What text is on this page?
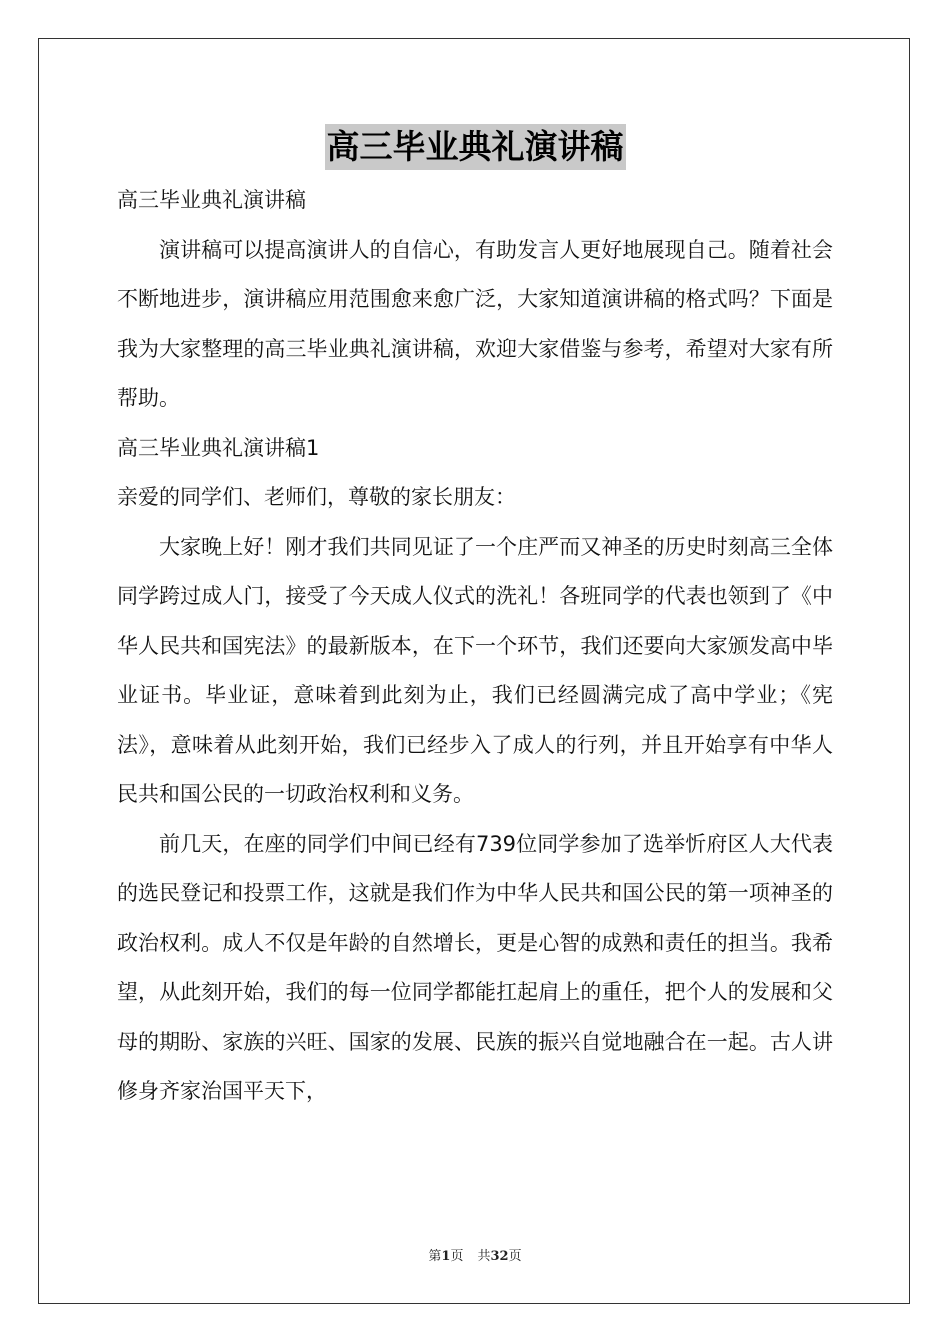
高三毕业典礼演讲稿

高三毕业典礼演讲稿

演讲稿可以提高演讲人的自信心，有助发言人更好地展现自己。随着社会不断地进步，演讲稿应用范围愈来愈广泛，大家知道演讲稿的格式吗？下面是我为大家整理的高三毕业典礼演讲稿，欢迎大家借鉴与参考，希望对大家有所帮助。

高三毕业典礼演讲稿1

亲爱的同学们、老师们，尊敬的家长朋友：

大家晚上好！刚才我们共同见证了一个庄严而又神圣的历史时刻高三全体同学跨过成人门，接受了今天成人仪式的洗礼！各班同学的代表也领到了《中华人民共和国宪法》的最新版本，在下一个环节，我们还要向大家颁发高中毕业证书。毕业证，意味着到此刻为止，我们已经圆满完成了高中学业；《宪法》，意味着从此刻开始，我们已经步入了成人的行列，并且开始享有中华人民共和国公民的一切政治权利和义务。

前几天，在座的同学们中间已经有739位同学参加了选举忻府区人大代表的选民登记和投票工作，这就是我们作为中华人民共和国公民的第一项神圣的政治权利。成人不仅是年龄的自然增长，更是心智的成熟和责任的担当。我希望，从此刻开始，我们的每一位同学都能扛起肩上的重任，把个人的发展和父母的期盼、家族的兴旺、国家的发展、民族的振兴自觉地融合在一起。古人讲修身齐家治国平天下，

第1页 共32页
